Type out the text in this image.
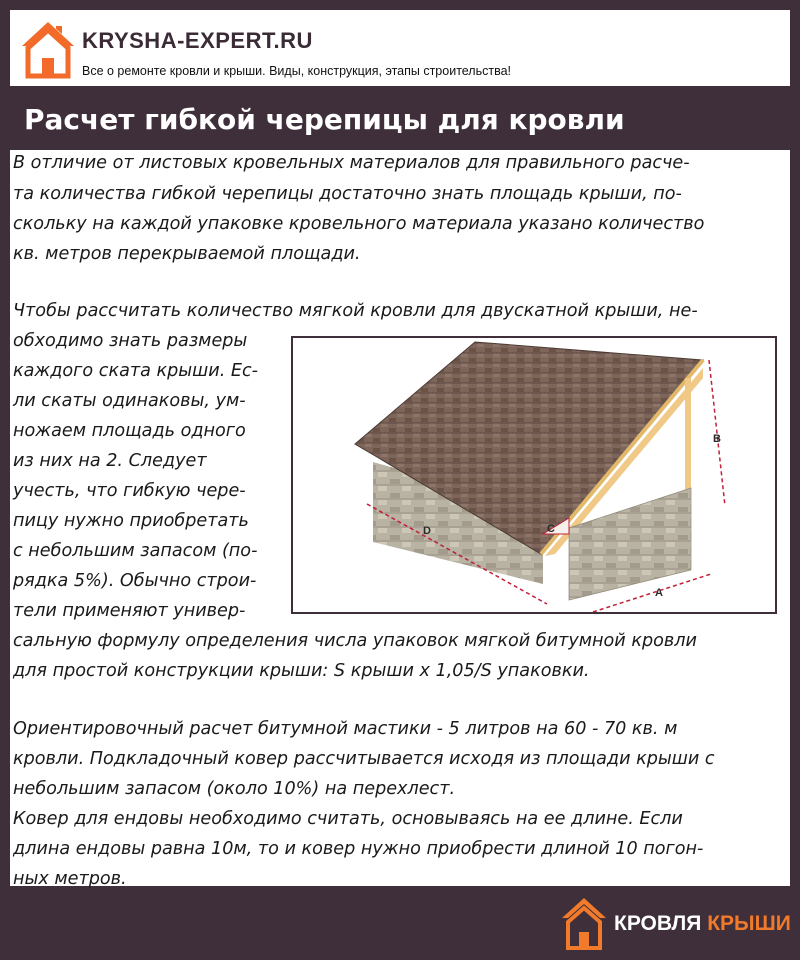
KRYSHA-EXPERT.RU
Все о ремонте кровли и крыши. Виды, конструкция, этапы строительства!
Расчет гибкой черепицы для кровли
В отличие от листовых кровельных материалов для правильного расче-
та количества гибкой черепицы достаточно знать площадь крыши, по-
скольку на каждой упаковке кровельного материала указано количество
кв. метров перекрываемой площади.
Чтобы рассчитать количество мягкой кровли для двускатной крыши, не-
обходимо знать размеры
каждого ската крыши. Ес-
ли скаты одинаковы, ум-
ножаем площадь одного
из них на 2. Следует
учесть, что гибкую чере-
пицу нужно приобретать
с небольшим запасом (по-
рядка 5%). Обычно строи-
тели применяют универ-
сальную формулу определения числа упаковок мягкой битумной кровли
для простой конструкции крыши: S крыши х 1,05/S упаковки.
Ориентировочный расчет битумной мастики - 5 литров на 60 - 70 кв. м
кровли. Подкладочный ковер рассчитывается исходя из площади крыши с
небольшим запасом (около 10%) на перехлест.
Ковер для ендовы необходимо считать, основываясь на ее длине. Если
длина ендовы равна 10м, то и ковер нужно приобрести длиной 10 погон-
ных метров.
B
D
A
C
КРОВЛЯ КРЫШИ
